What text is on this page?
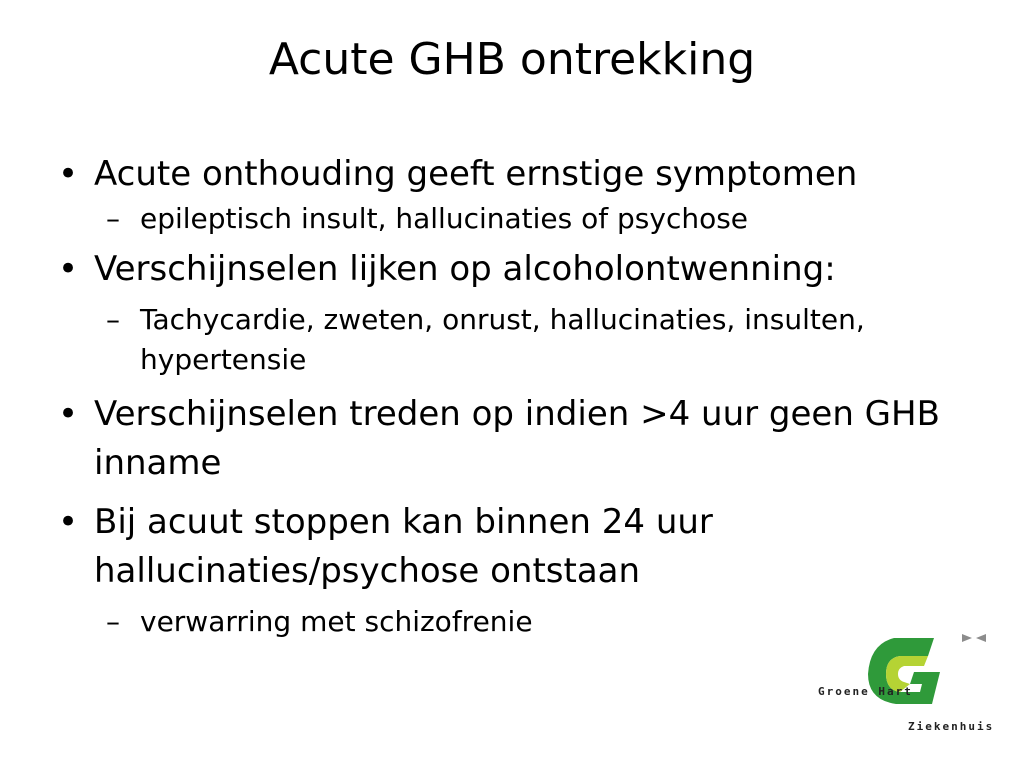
Acute GHB ontrekking
• Acute onthouding geeft ernstige symptomen
– epileptisch insult, hallucinaties of psychose
• Verschijnselen lijken op alcoholontwenning:
– Tachycardie, zweten, onrust, hallucinaties, insulten, hypertensie
• Verschijnselen treden op indien >4 uur geen GHB inname
• Bij acuut stoppen kan binnen 24 uur hallucinaties/psychose ontstaan
– verwarring met schizofrenie
Groene Hart
Ziekenhuis
